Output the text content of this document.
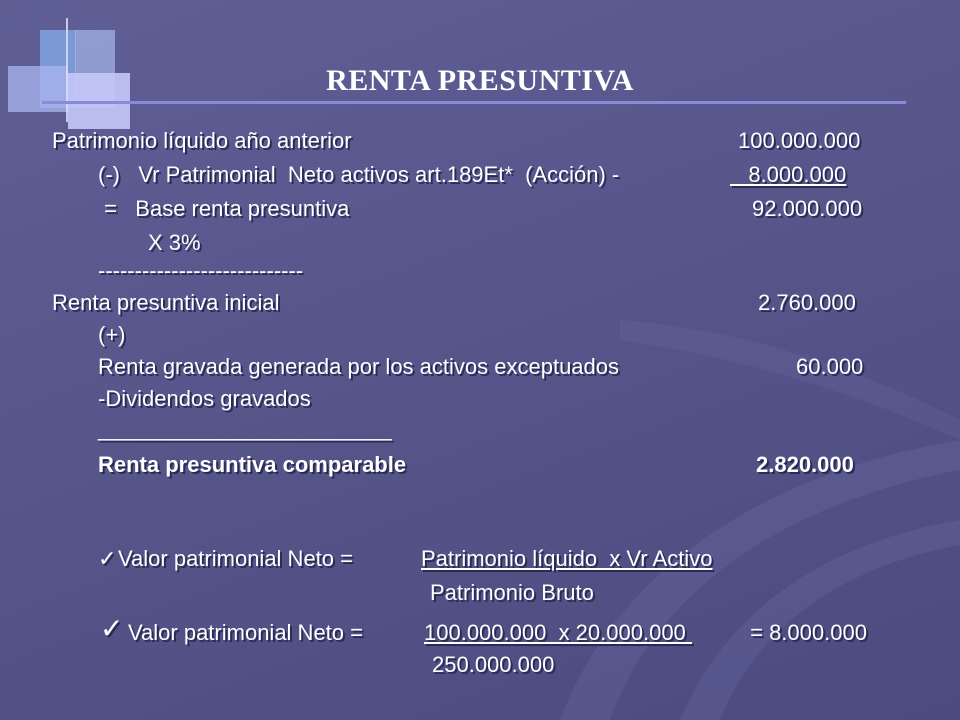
RENTA PRESUNTIVA
Patrimonio líquido año anterior	100.000.000
(-)   Vr Patrimonial  Neto activos art.189Et*  (Acción) -	8.000.000
=   Base renta presuntiva	92.000.000
X 3%
----------------------------
Renta presuntiva inicial	2.760.000
(+)
Renta gravada generada por los activos exceptuados	60.000
-Dividendos gravados
________________________
Renta presuntiva comparable	2.820.000
✓ Valor patrimonial Neto =	Patrimonio líquido  x Vr Activo
Patrimonio Bruto
✓ Valor patrimonial Neto = 100.000.000  x 20.000.000 = 8.000.000
250.000.000
